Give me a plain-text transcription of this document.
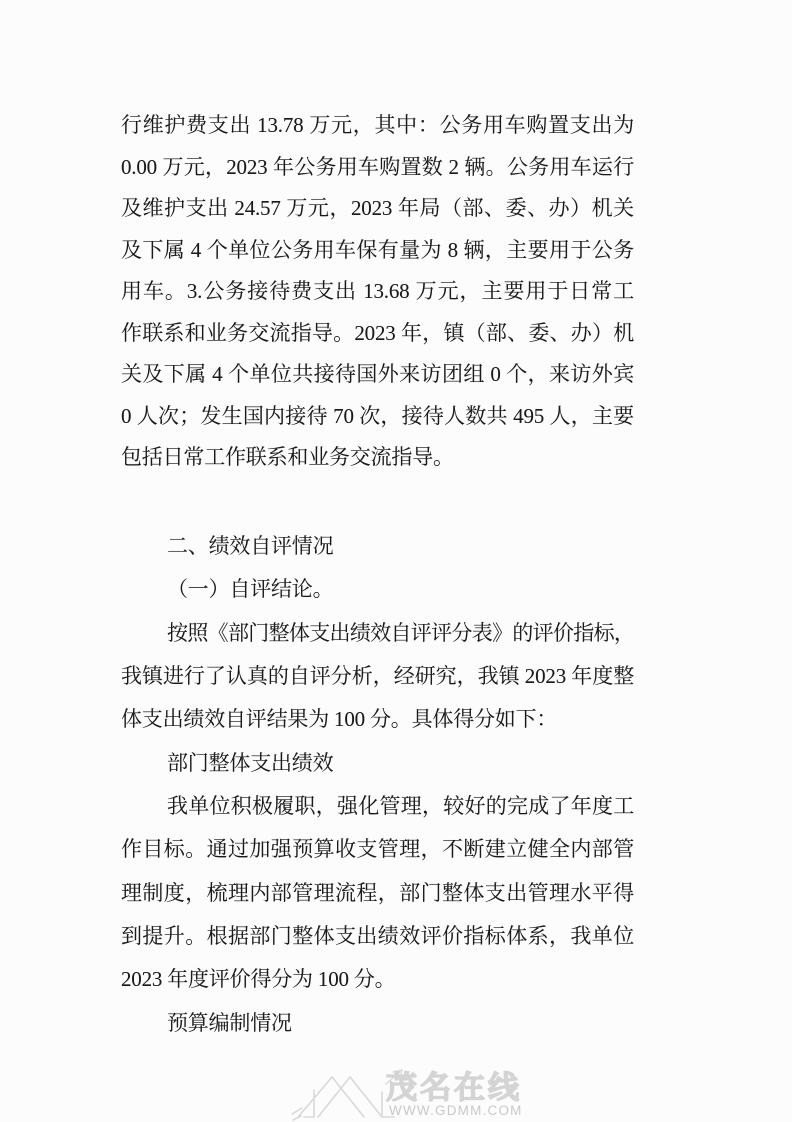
行维护费支出 13.78 万元，其中：公务用车购置支出为
0.00 万元，2023 年公务用车购置数 2 辆。公务用车运行
及维护支出 24.57 万元，2023 年局（部、委、办）机关
及下属 4 个单位公务用车保有量为 8 辆，主要用于公务
用车。3.公务接待费支出 13.68 万元，主要用于日常工
作联系和业务交流指导。2023 年，镇（部、委、办）机
关及下属 4 个单位共接待国外来访团组 0 个，来访外宾
0 人次；发生国内接待 70 次，接待人数共 495 人，主要
包括日常工作联系和业务交流指导。
二、绩效自评情况
（一）自评结论。
按照《部门整体支出绩效自评评分表》的评价指标，
我镇进行了认真的自评分析，经研究，我镇 2023 年度整
体支出绩效自评结果为 100 分。具体得分如下：
部门整体支出绩效
我单位积极履职，强化管理，较好的完成了年度工
作目标。通过加强预算收支管理，不断建立健全内部管
理制度，梳理内部管理流程，部门整体支出管理水平得
到提升。根据部门整体支出绩效评价指标体系，我单位
2023 年度评价得分为 100 分。
预算编制情况
茂名在线
WWW.GDMM.COM
